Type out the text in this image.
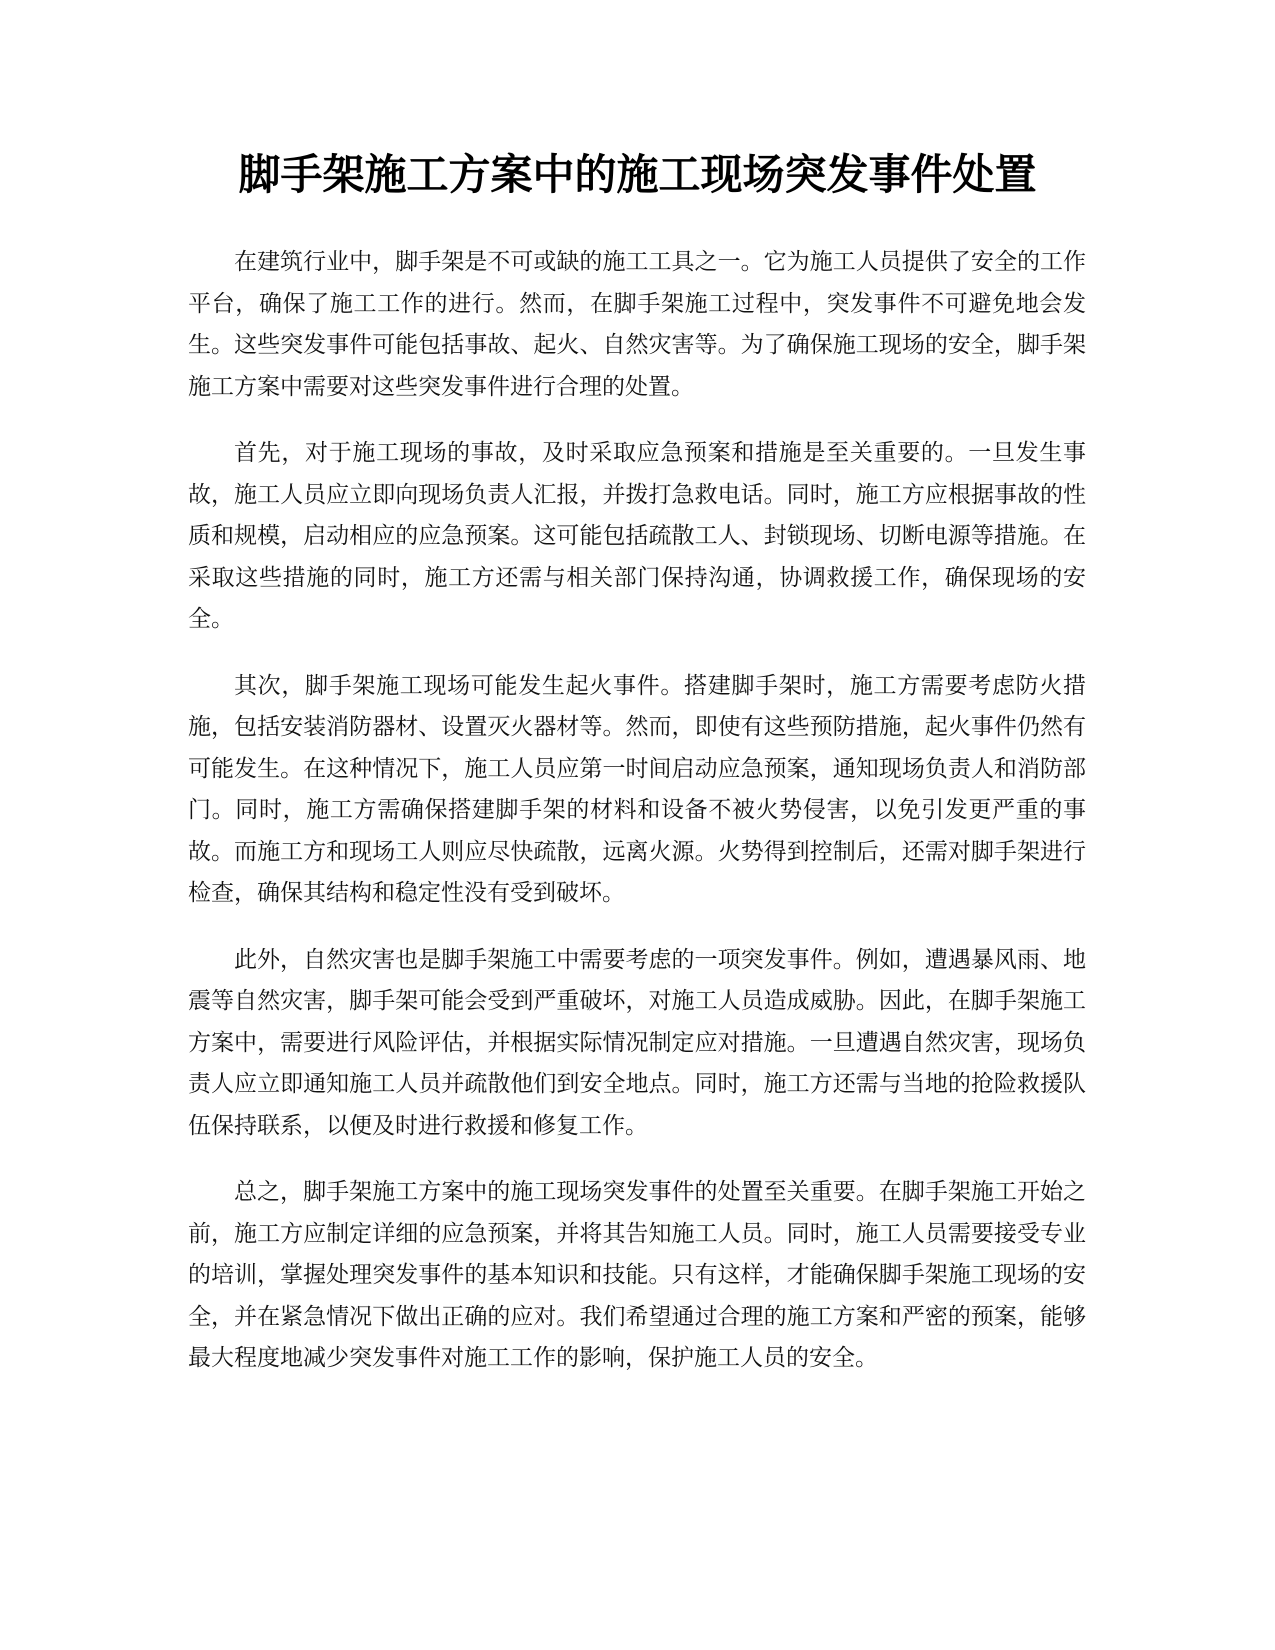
脚手架施工方案中的施工现场突发事件处置

在建筑行业中，脚手架是不可或缺的施工工具之一。它为施工人员提供了安全的工作平台，确保了施工工作的进行。然而，在脚手架施工过程中，突发事件不可避免地会发生。这些突发事件可能包括事故、起火、自然灾害等。为了确保施工现场的安全，脚手架施工方案中需要对这些突发事件进行合理的处置。

首先，对于施工现场的事故，及时采取应急预案和措施是至关重要的。一旦发生事故，施工人员应立即向现场负责人汇报，并拨打急救电话。同时，施工方应根据事故的性质和规模，启动相应的应急预案。这可能包括疏散工人、封锁现场、切断电源等措施。在采取这些措施的同时，施工方还需与相关部门保持沟通，协调救援工作，确保现场的安全。

其次，脚手架施工现场可能发生起火事件。搭建脚手架时，施工方需要考虑防火措施，包括安装消防器材、设置灭火器材等。然而，即使有这些预防措施，起火事件仍然有可能发生。在这种情况下，施工人员应第一时间启动应急预案，通知现场负责人和消防部门。同时，施工方需确保搭建脚手架的材料和设备不被火势侵害，以免引发更严重的事故。而施工方和现场工人则应尽快疏散，远离火源。火势得到控制后，还需对脚手架进行检查，确保其结构和稳定性没有受到破坏。

此外，自然灾害也是脚手架施工中需要考虑的一项突发事件。例如，遭遇暴风雨、地震等自然灾害，脚手架可能会受到严重破坏，对施工人员造成威胁。因此，在脚手架施工方案中，需要进行风险评估，并根据实际情况制定应对措施。一旦遭遇自然灾害，现场负责人应立即通知施工人员并疏散他们到安全地点。同时，施工方还需与当地的抢险救援队伍保持联系，以便及时进行救援和修复工作。

总之，脚手架施工方案中的施工现场突发事件的处置至关重要。在脚手架施工开始之前，施工方应制定详细的应急预案，并将其告知施工人员。同时，施工人员需要接受专业的培训，掌握处理突发事件的基本知识和技能。只有这样，才能确保脚手架施工现场的安全，并在紧急情况下做出正确的应对。我们希望通过合理的施工方案和严密的预案，能够最大程度地减少突发事件对施工工作的影响，保护施工人员的安全。
